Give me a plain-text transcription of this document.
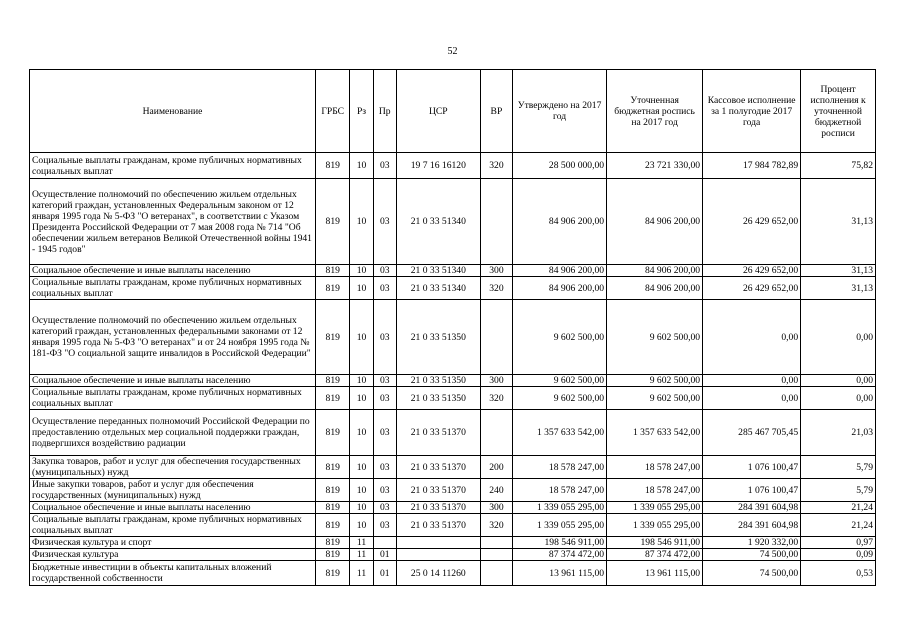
52
Наименование	ГРБС	Рз	Пр	ЦСР	ВР	Утверждено на 2017 год	Уточненная бюджетная роспись на 2017 год	Кассовое исполнение за 1 полугодие 2017 года	Процент исполнения к уточненной бюджетной росписи
Социальные выплаты гражданам, кроме публичных нормативных социальных выплат	819	10	03	19 7 16 16120	320	28 500 000,00	23 721 330,00	17 984 782,89	75,82
Осуществление полномочий по обеспечению жильем отдельных категорий граждан, установленных Федеральным законом от 12 января 1995 года № 5-ФЗ "О ветеранах", в соответствии с Указом Президента Российской Федерации от 7 мая 2008 года № 714 "Об обеспечении жильем ветеранов Великой Отечественной войны 1941 - 1945 годов"	819	10	03	21 0 33 51340		84 906 200,00	84 906 200,00	26 429 652,00	31,13
Социальное обеспечение и иные выплаты населению	819	10	03	21 0 33 51340	300	84 906 200,00	84 906 200,00	26 429 652,00	31,13
Социальные выплаты гражданам, кроме публичных нормативных социальных выплат	819	10	03	21 0 33 51340	320	84 906 200,00	84 906 200,00	26 429 652,00	31,13
Осуществление полномочий по обеспечению жильем отдельных категорий граждан, установленных федеральными законами от 12 января 1995 года № 5-ФЗ "О ветеранах" и от 24 ноября 1995 года № 181-ФЗ "О социальной защите инвалидов в Российской Федерации"	819	10	03	21 0 33 51350		9 602 500,00	9 602 500,00	0,00	0,00
Социальное обеспечение и иные выплаты населению	819	10	03	21 0 33 51350	300	9 602 500,00	9 602 500,00	0,00	0,00
Социальные выплаты гражданам, кроме публичных нормативных социальных выплат	819	10	03	21 0 33 51350	320	9 602 500,00	9 602 500,00	0,00	0,00
Осуществление переданных полномочий Российской Федерации по предоставлению отдельных мер социальной поддержки граждан, подвергшихся воздействию радиации	819	10	03	21 0 33 51370		1 357 633 542,00	1 357 633 542,00	285 467 705,45	21,03
Закупка товаров, работ и услуг для обеспечения государственных (муниципальных) нужд	819	10	03	21 0 33 51370	200	18 578 247,00	18 578 247,00	1 076 100,47	5,79
Иные закупки товаров, работ и услуг для обеспечения государственных (муниципальных) нужд	819	10	03	21 0 33 51370	240	18 578 247,00	18 578 247,00	1 076 100,47	5,79
Социальное обеспечение и иные выплаты населению	819	10	03	21 0 33 51370	300	1 339 055 295,00	1 339 055 295,00	284 391 604,98	21,24
Социальные выплаты гражданам, кроме публичных нормативных социальных выплат	819	10	03	21 0 33 51370	320	1 339 055 295,00	1 339 055 295,00	284 391 604,98	21,24
Физическая культура и спорт	819	11				198 546 911,00	198 546 911,00	1 920 332,00	0,97
Физическая культура	819	11	01			87 374 472,00	87 374 472,00	74 500,00	0,09
Бюджетные инвестиции в объекты капитальных вложений государственной собственности	819	11	01	25 0 14 11260		13 961 115,00	13 961 115,00	74 500,00	0,53
